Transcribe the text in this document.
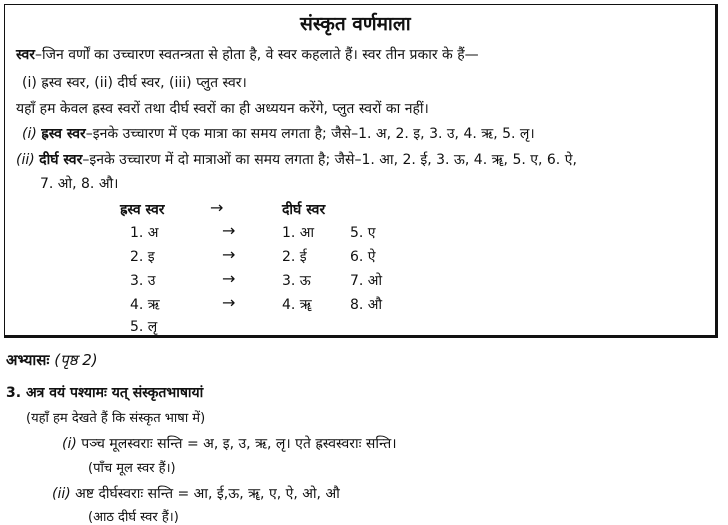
संस्कृत वर्णमाला
स्वर–जिन वर्णों का उच्चारण स्वतन्त्रता से होता है, वे स्वर कहलाते हैं। स्वर तीन प्रकार के हैं—
(i) ह्रस्व स्वर, (ii) दीर्घ स्वर, (iii) प्लुत स्वर।
यहाँ हम केवल ह्रस्व स्वरों तथा दीर्घ स्वरों का ही अध्ययन करेंगे, प्लुत स्वरों का नहीं।
(i) ह्रस्व स्वर–इनके उच्चारण में एक मात्रा का समय लगता है; जैसे–1. अ, 2. इ, 3. उ, 4. ऋ, 5. लृ।
(ii) दीर्घ स्वर–इनके उच्चारण में दो मात्राओं का समय लगता है; जैसे–1. आ, 2. ई, 3. ऊ, 4. ॠ, 5. ए, 6. ऐ,
7. ओ, 8. औ।
ह्रस्व स्वर	→	दीर्घ स्वर
1. अ	→	1. आ	5. ए
2. इ	→	2. ई	6. ऐ
3. उ	→	3. ऊ	7. ओ
4. ऋ	→	4. ॠ	8. औ
5. लृ
अभ्यासः (पृष्ठ 2)
3. अत्र वयं पश्यामः यत् संस्कृतभाषायां
(यहाँ हम देखते हैं कि संस्कृत भाषा में)
(i) पञ्च मूलस्वराः सन्ति = अ, इ, उ, ऋ, लृ। एते ह्रस्वस्वराः सन्ति।
(पाँच मूल स्वर हैं।)
(ii) अष्ट दीर्घस्वराः सन्ति = आ, ई,ऊ, ॠ, ए, ऐ, ओ, औ
(आठ दीर्घ स्वर हैं।)
